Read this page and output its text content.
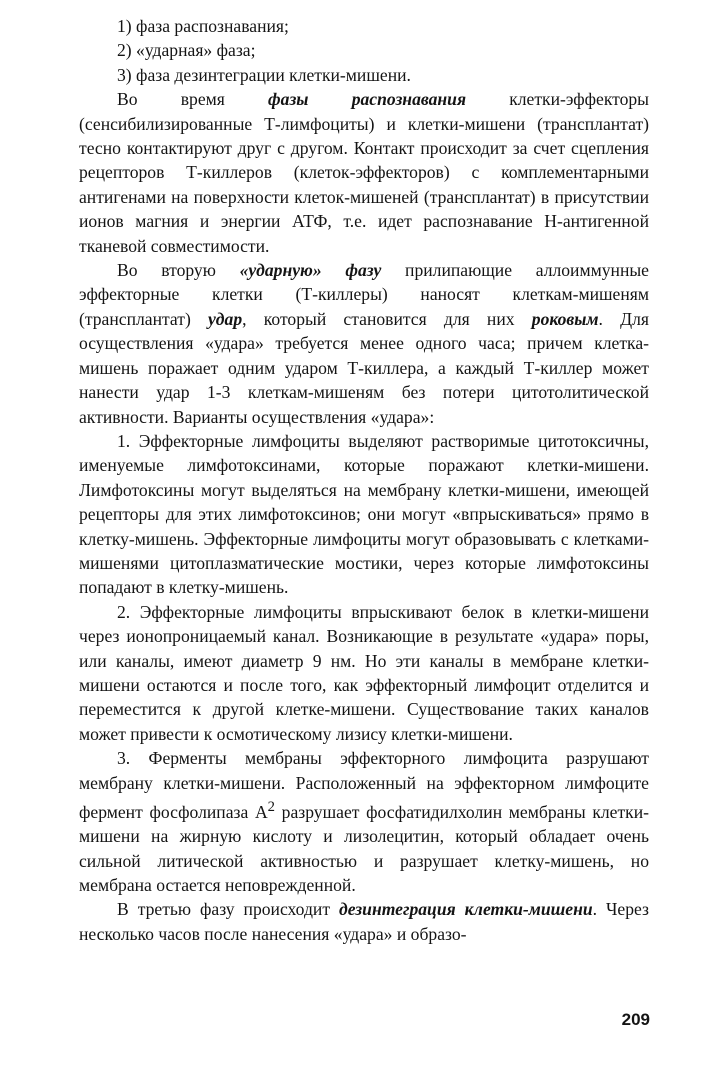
1) фаза распознавания;
2) «ударная» фаза;
3) фаза дезинтеграции клетки-мишени.

Во время фазы распознавания клетки-эффекторы (сенсибилизированные Т-лимфоциты) и клетки-мишени (трансплантат) тесно контактируют друг с другом. Контакт происходит за счет сцепления рецепторов Т-киллеров (клеток-эффекторов) с комплементарными антигенами на поверхности клеток-мишеней (трансплантат) в присутствии ионов магния и энергии АТФ, т.е. идет распознавание Н-антигенной тканевой совместимости.

Во вторую «ударную» фазу прилипающие аллоиммунные эффекторные клетки (Т-киллеры) наносят клеткам-мишеням (трансплантат) удар, который становится для них роковым. Для осуществления «удара» требуется менее одного часа; причем клетка-мишень поражает одним ударом Т-киллера, а каждый Т-киллер может нанести удар 1-3 клеткам-мишеням без потери цитотолитической активности. Варианты осуществления «удара»:

1. Эффекторные лимфоциты выделяют растворимые цитотоксичны, именуемые лимфотоксинами, которые поражают клетки-мишени. Лимфотоксины могут выделяться на мембрану клетки-мишени, имеющей рецепторы для этих лимфотоксинов; они могут «впрыскиваться» прямо в клетку-мишень. Эффекторные лимфоциты могут образовывать с клетками-мишенями цитоплазматические мостики, через которые лимфотоксины попадают в клетку-мишень.

2. Эффекторные лимфоциты впрыскивают белок в клетки-мишени через ионопроницаемый канал. Возникающие в результате «удара» поры, или каналы, имеют диаметр 9 нм. Но эти каналы в мембране клетки-мишени остаются и после того, как эффекторный лимфоцит отделится и переместится к другой клетке-мишени. Существование таких каналов может привести к осмотическому лизису клетки-мишени.

3. Ферменты мембраны эффекторного лимфоцита разрушают мембрану клетки-мишени. Расположенный на эффекторном лимфоците фермент фосфолипаза $А^2$ разрушает фосфатидилхолин мембраны клетки-мишени на жирную кислоту и лизолецитин, который обладает очень сильной литической активностью и разрушает клетку-мишень, но мембрана остается неповрежденной.

В третью фазу происходит дезинтеграция клетки-мишени. Через несколько часов после нанесения «удара» и образо-

209
